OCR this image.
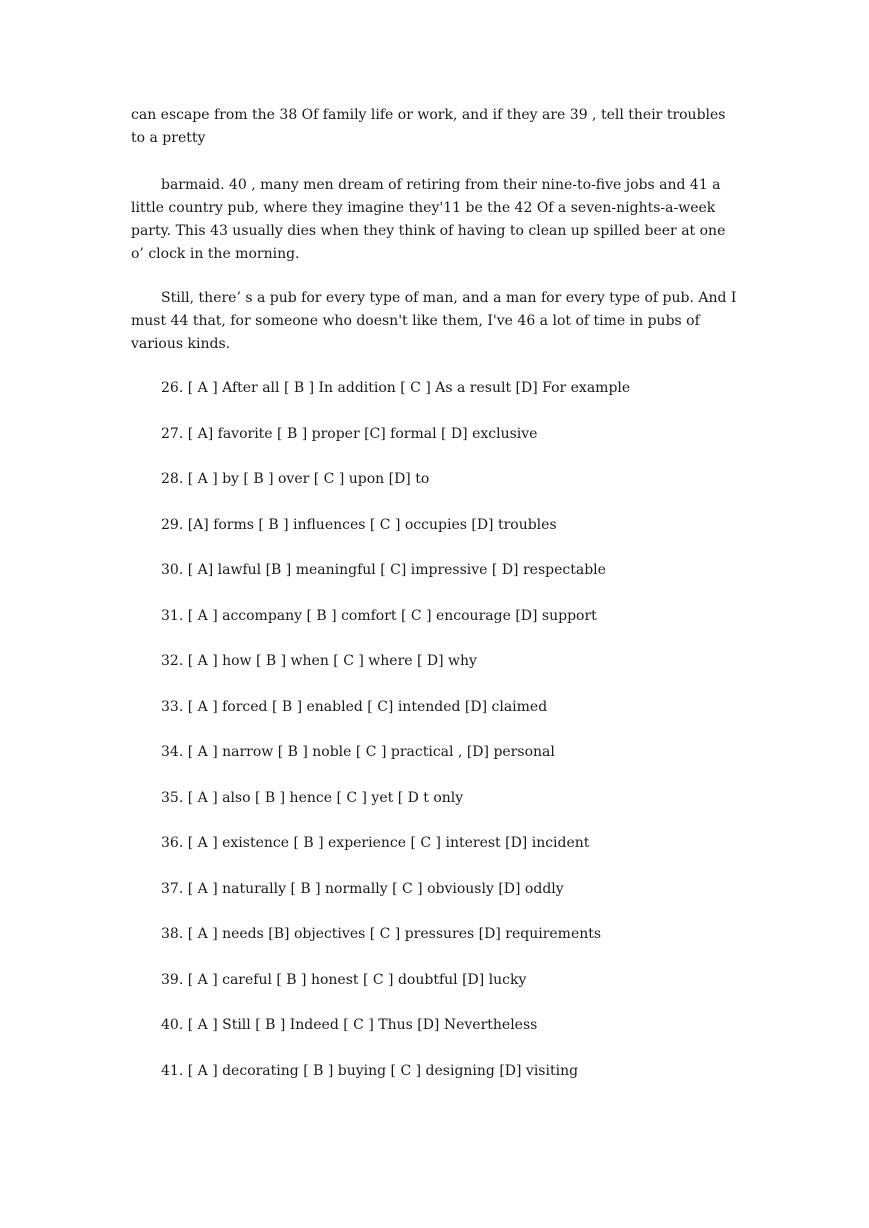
can escape from the 38 Of family life or work, and if they are 39 , tell their troubles to a pretty

barmaid. 40 , many men dream of retiring from their nine-to-five jobs and 41 a little country pub, where they imagine they'11 be the 42 Of a seven-nights-a-week party. This 43 usually dies when they think of having to clean up spilled beer at one o’ clock in the morning.

Still, there’ s a pub for every type of man, and a man for every type of pub. And I must 44 that, for someone who doesn't like them, I've 46 a lot of time in pubs of various kinds.

26. [ A ] After all [ B ] In addition [ C ] As a result [D] For example
27. [ A] favorite [ B ] proper [C] formal [ D] exclusive
28. [ A ] by [ B ] over [ C ] upon [D] to
29. [A] forms [ B ] influences [ C ] occupies [D] troubles
30. [ A] lawful [B ] meaningful [ C] impressive [ D] respectable
31. [ A ] accompany [ B ] comfort [ C ] encourage [D] support
32. [ A ] how [ B ] when [ C ] where [ D] why
33. [ A ] forced [ B ] enabled [ C] intended [D] claimed
34. [ A ] narrow [ B ] noble [ C ] practical , [D] personal
35. [ A ] also [ B ] hence [ C ] yet [ D t only
36. [ A ] existence [ B ] experience [ C ] interest [D] incident
37. [ A ] naturally [ B ] normally [ C ] obviously [D] oddly
38. [ A ] needs [B] objectives [ C ] pressures [D] requirements
39. [ A ] careful [ B ] honest [ C ] doubtful [D] lucky
40. [ A ] Still [ B ] Indeed [ C ] Thus [D] Nevertheless
41. [ A ] decorating [ B ] buying [ C ] designing [D] visiting
